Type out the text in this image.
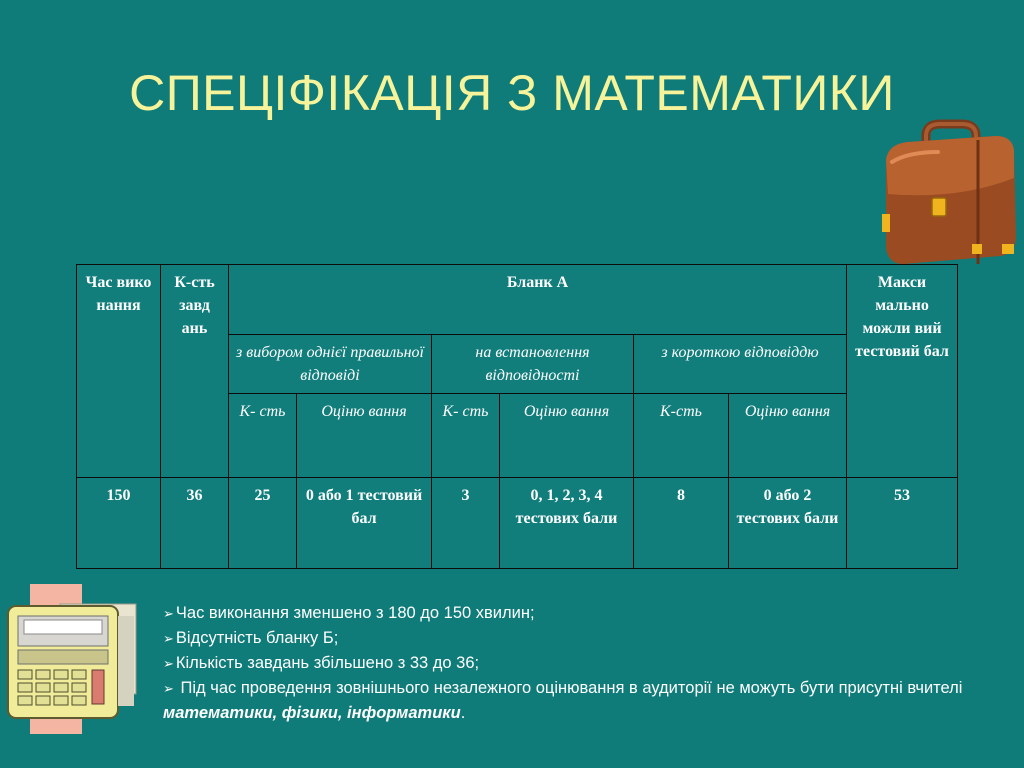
СПЕЦІФІКАЦІЯ З МАТЕМАТИКИ
Час вико нання	К-сть завд ань	Бланк А						Макси мально можли вий тестовий бал
		з вибором однієї правильної відповіді		на встановлення відповідності		з короткою відповіддю		
		К- сть	Оціню вання	К- сть	Оціню вання	К-сть	Оціню вання	
150	36	25	0 або 1 тестовий бал	3	0, 1, 2, 3, 4 тестових бали	8	0 або 2 тестових бали	53

➢ Час виконання зменшено з 180 до 150 хвилин;

➢ Відсутність бланку Б;

➢ Кількість завдань збільшено з 33 до 36;

➢ Під час проведення зовнішнього незалежного оцінювання в аудиторії не можуть бути присутні вчителі математики, фізики, інформатики.
